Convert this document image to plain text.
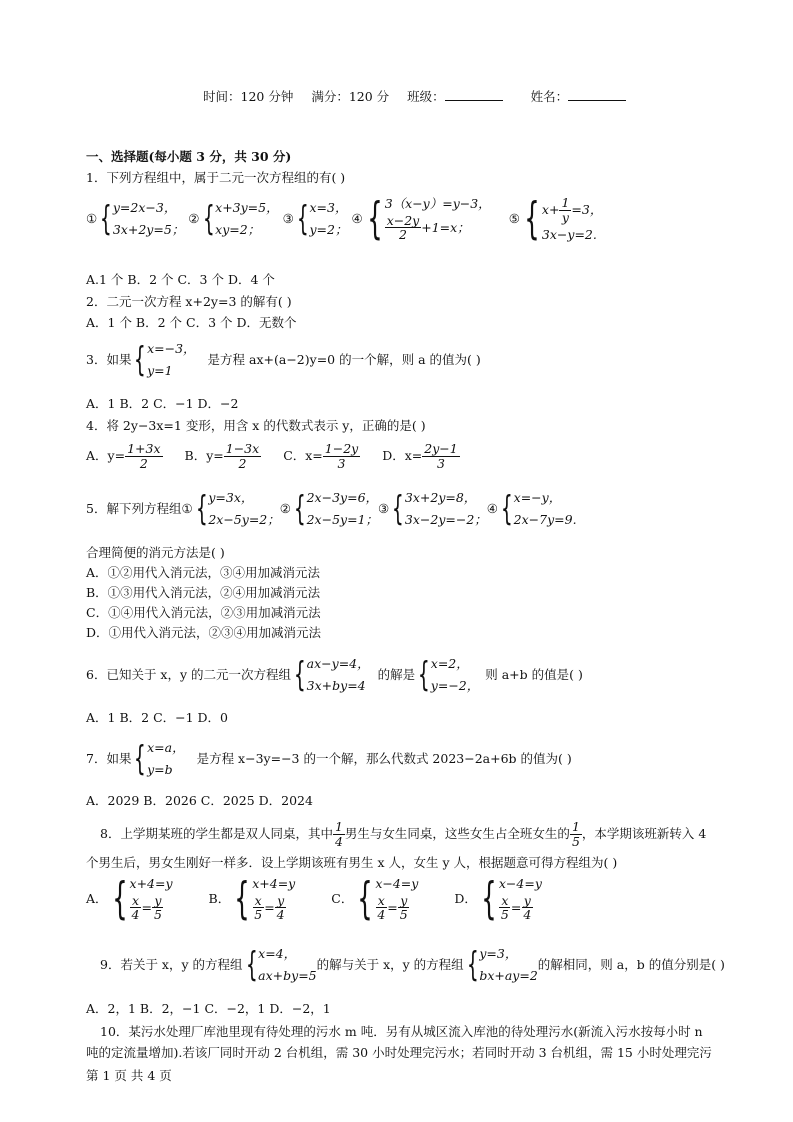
时间：120 分钟 满分：120 分 班级：	姓名：
一、选择题(每小题 3 分，共 30 分)
1．下列方程组中，属于二元一次方程组的有( )
① { y=2x−3，
3x+2y=5；
② { x+3y=5，
xy=2；
③ { x=3，
y=2；
④ { 3（x−y）=y−3，
$\frac{x-2y}{2} +1=x$；
⑤ { $x+ \frac{1}{y} =3$，
3x−y=2.
A.1 个 B．2 个 C．3 个 D．4 个
2．二元一次方程 x+2y=3 的解有( )
A．1 个 B．2 个 C．3 个 D．无数个
3．如果 { x=−3，
y=1
是方程 ax+(a−2)y=0 的一个解，则 a 的值为( )
A．1 B．2 C．−1 D．−2
4．将 2y−3x=1 变形，用含 x 的代数式表示 y，正确的是( )
A．$y= \frac{1+3x}{2}$ B．$y= \frac{1-3x}{2}$ C．$x= \frac{1-2y}{3}$ D．$x= \frac{2y-1}{3}$
5．解下列方程组 ① { y=3x，
2x−5y=2；
② { 2x−3y=6，
2x−5y=1；
③ { 3x+2y=8，
3x−2y=−2；
④ { x=−y，
2x−7y=9.
合理简便的消元方法是( )
A．①②用代入消元法，③④用加减消元法
B．①③用代入消元法，②④用加减消元法
C．①④用代入消元法，②③用加减消元法
D．①用代入消元法，②③④用加减消元法
6．已知关于 x，y 的二元一次方程组 { ax−y=4，
3x+by=4
的解是 { x=2，
y=−2，
则 a+b 的值是( )
A．1 B．2 C．−1 D．0
7．如果 { x=a，
y=b
是方程 x−3y=−3 的一个解，那么代数式 2023−2a+6b 的值为( )
A．2029 B．2026 C．2025 D．2024
8．上学期某班的学生都是双人同桌，其中 $\frac{1}{4}$ 男生与女生同桌，这些女生占全班女生的 $\frac{1}{5}$ ，本学期该班新转入 4
个男生后，男女生刚好一样多．设上学期该班有男生 x 人，女生 y 人，根据题意可得方程组为( )
A． { x+4=y
$\frac{x}{4} = \frac{y}{5}$	B． { x+4=y
$\frac{x}{5} = \frac{y}{4}$	C． { x−4=y
$\frac{x}{4} = \frac{y}{5}$	D． { x−4=y
$\frac{x}{5} = \frac{y}{4}$
9．若关于 x，y 的方程组 { x=4，
ax+by=5
的解与关于 x，y 的方程组 { y=3，
bx+ay=2
的解相同，则 a，b 的值分别是( )
A．2，1 B．2，−1 C．−2，1 D．−2，1
10．某污水处理厂库池里现有待处理的污水 m 吨．另有从城区流入库池的待处理污水(新流入污水按每小时 n
吨的定流量增加).若该厂同时开动 2 台机组，需 30 小时处理完污水；若同时开动 3 台机组，需 15 小时处理完污
第 1 页 共 4 页
